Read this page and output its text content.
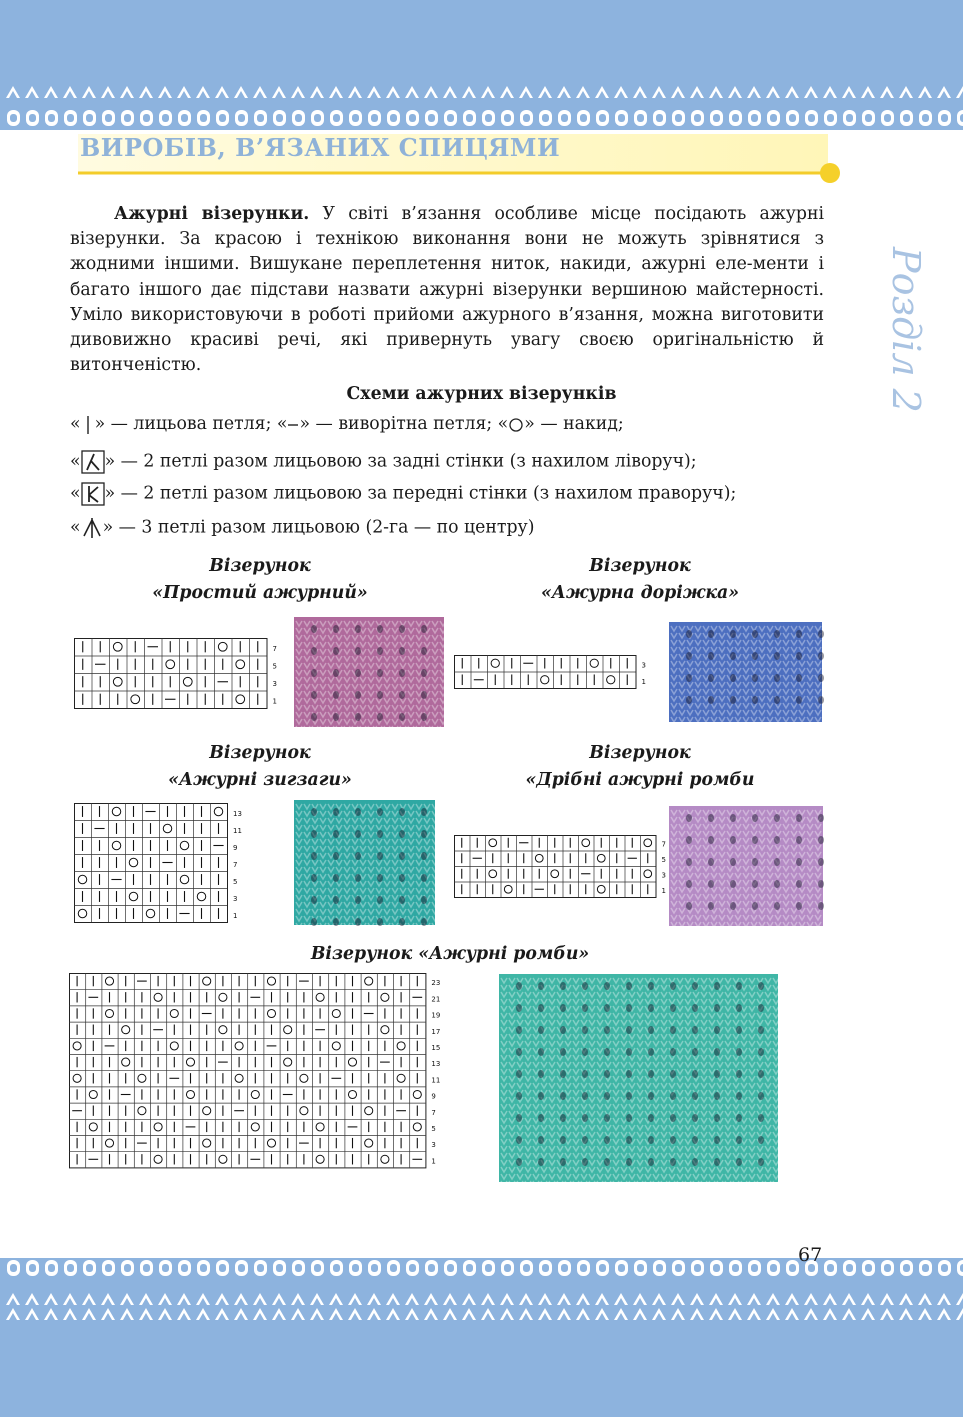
ВИРОБІВ, В’ЯЗАНИХ СПИЦЯМИ
Розділ 2
Ажурні візерунки. У світі в’язання особливе місце посідають ажурні візерунки. За красою і технікою виконання вони не можуть зрівнятися з жодними іншими. Вишукане переплетення ниток, накиди, ажурні еле-менти і багато іншого дає підстави назвати ажурні візерунки вершиною майстерності. Уміло використовуючи в роботі прийоми ажурного в’язання, можна виготовити дивовижно красиві речі, які привернуть увагу своєю оригінальністю й витонченістю.
Схеми ажурних візерунків
« » — лицьова петля; « » — виворітна петля; « » — накид;
« » — 2 петлі разом лицьовою за задні стінки (з нахилом ліворуч);
« » — 2 петлі разом лицьовою за передні стінки (з нахилом праворуч);
« » — 3 петлі разом лицьовою (2-га — по центру)
Візерунок
«Простий ажурний»
7
5
3
1
Візерунок
«Ажурна доріжка»
3
1
Візерунок
«Ажурні зигзаги»
13
11
9
7
5
3
1
Візерунок
«Дрібні ажурні ромби
7
5
3
1
Візерунок «Ажурні ромби»
23
21
19
17
15
13
11
9
7
5
3
1
67
